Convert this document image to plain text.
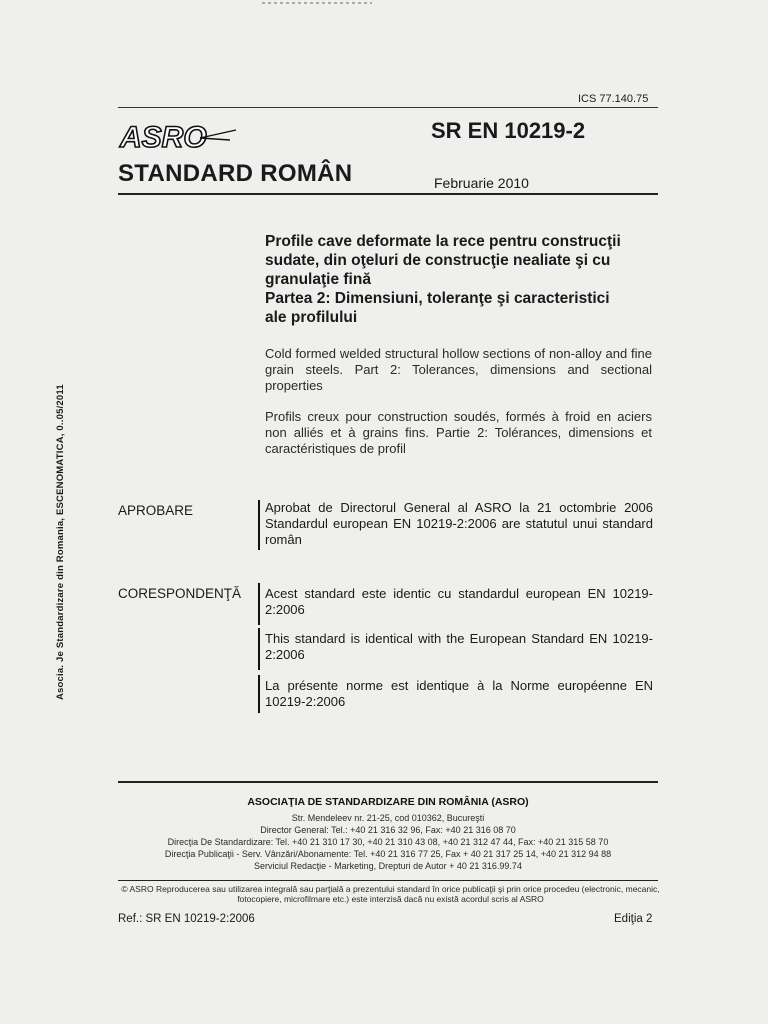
ICS 77.140.75
ASRO	SR EN 10219-2
STANDARD ROMÂN	Februarie 2010
Profile cave deformate la rece pentru construcţii
sudate, din oţeluri de construcţie nealiate şi cu
granulaţie fină
Partea 2: Dimensiuni, toleranţe şi caracteristici
ale profilului
Cold formed welded structural hollow sections of non-alloy and fine grain steels. Part 2: Tolerances, dimensions and sectional properties
Profils creux pour construction soudés, formés à froid en aciers non alliés et à grains fins. Partie 2: Tolérances, dimensions et caractéristiques de profil
APROBARE	Aprobat de Directorul General al ASRO la 21 octombrie 2006 Standardul european EN 10219-2:2006 are statutul unui standard român
CORESPONDENŢĂ Acest standard este identic cu standardul european EN 10219-2:2006
This standard is identical with the European Standard EN 10219-2:2006
La présente norme est identique à la Norme européenne EN 10219-2:2006
Asocia. Je Standardizare din Romania, ESCENOMATICA, 0..05/2011
ASOCIAŢIA DE STANDARDIZARE DIN ROMÂNIA (ASRO)
Str. Mendeleev nr. 21-25, cod 010362, Bucureşti
Director General: Tel.: +40 21 316 32 96, Fax: +40 21 316 08 70
Direcţia De Standardizare: Tel. +40 21 310 17 30, +40 21 310 43 08, +40 21 312 47 44, Fax: +40 21 315 58 70
Direcţia Publicaţii - Serv. Vânzări/Abonamente: Tel. +40 21 316 77 25, Fax + 40 21 317 25 14, +40 21 312 94 88
Serviciul Redacţie - Marketing, Drepturi de Autor + 40 21 316.99.74
© ASRO Reproducerea sau utilizarea integrală sau parţială a prezentului standard în orice publicaţii şi prin orice procedeu (electronic, mecanic, fotocopiere, microfilmare etc.) este interzisă dacă nu există acordul scris al ASRO
Ref.: SR EN 10219-2:2006	Ediţia 2
